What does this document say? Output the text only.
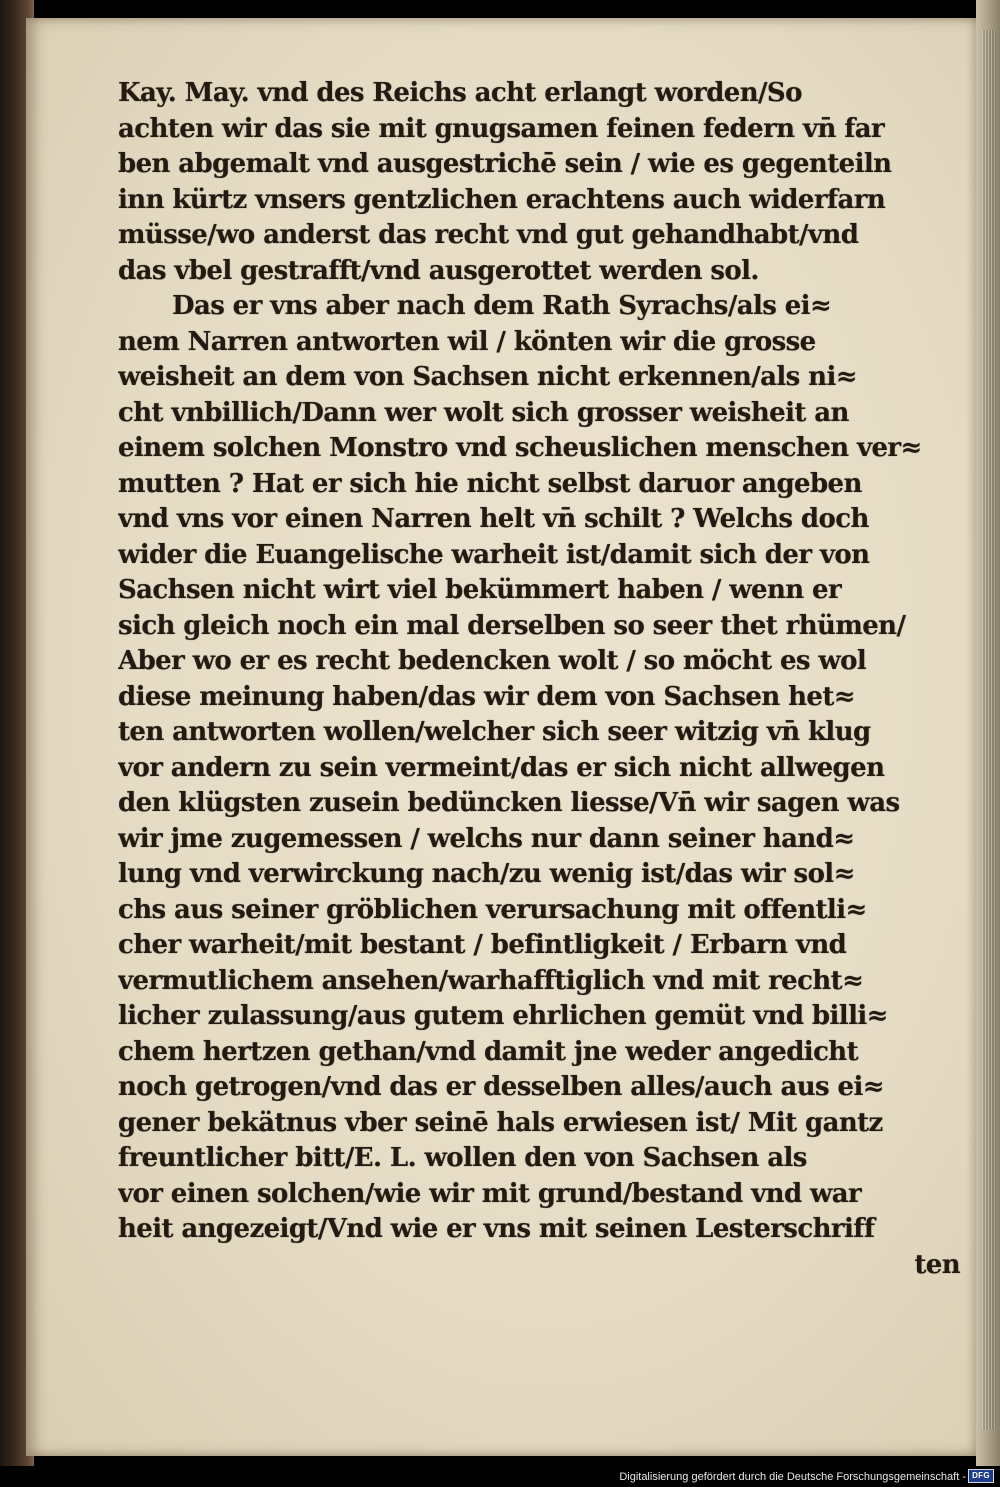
Kay. May. vnd des Reichs acht erlangt worden/So
achten wir das sie mit gnugsamen feinen federn vn̄ far
ben abgemalt vnd ausgestrichē sein / wie es gegenteiln
inn kürtz vnsers gentzlichen erachtens auch widerfarn
müsse/wo anderst das recht vnd gut gehandhabt/vnd
das vbel gestrafft/vnd ausgerottet werden sol.
Das er vns aber nach dem Rath Syrachs/als ei≈
nem Narren antworten wil / könten wir die grosse
weisheit an dem von Sachsen nicht erkennen/als ni≈
cht vnbillich/Dann wer wolt sich grosser weisheit an
einem solchen Monstro vnd scheuslichen menschen ver≈
mutten ? Hat er sich hie nicht selbst daruor angeben
vnd vns vor einen Narren helt vn̄ schilt ? Welchs doch
wider die Euangelische warheit ist/damit sich der von
Sachsen nicht wirt viel bekümmert haben / wenn er
sich gleich noch ein mal derselben so seer thet rhümen/
Aber wo er es recht bedencken wolt / so möcht es wol
diese meinung haben/das wir dem von Sachsen het≈
ten antworten wollen/welcher sich seer witzig vn̄ klug
vor andern zu sein vermeint/das er sich nicht allwegen
den klügsten zusein bedüncken liesse/Vn̄ wir sagen was
wir jme zugemessen / welchs nur dann seiner hand≈
lung vnd verwirckung nach/zu wenig ist/das wir sol≈
chs aus seiner gröblichen verursachung mit offentli≈
cher warheit/mit bestant / befintligkeit / Erbarn vnd
vermutlichem ansehen/warhafftiglich vnd mit recht≈
licher zulassung/aus gutem ehrlichen gemüt vnd billi≈
chem hertzen gethan/vnd damit jne weder angedicht
noch getrogen/vnd das er desselben alles/auch aus ei≈
gener bekätnus vber seinē hals erwiesen ist/ Mit gantz
freuntlicher bitt/E. L. wollen den von Sachsen als
vor einen solchen/wie wir mit grund/bestand vnd war
heit angezeigt/Vnd wie er vns mit seinen Lesterschriff
ten
Digitalisierung gefördert durch die Deutsche Forschungsgemeinschaft - DFG
